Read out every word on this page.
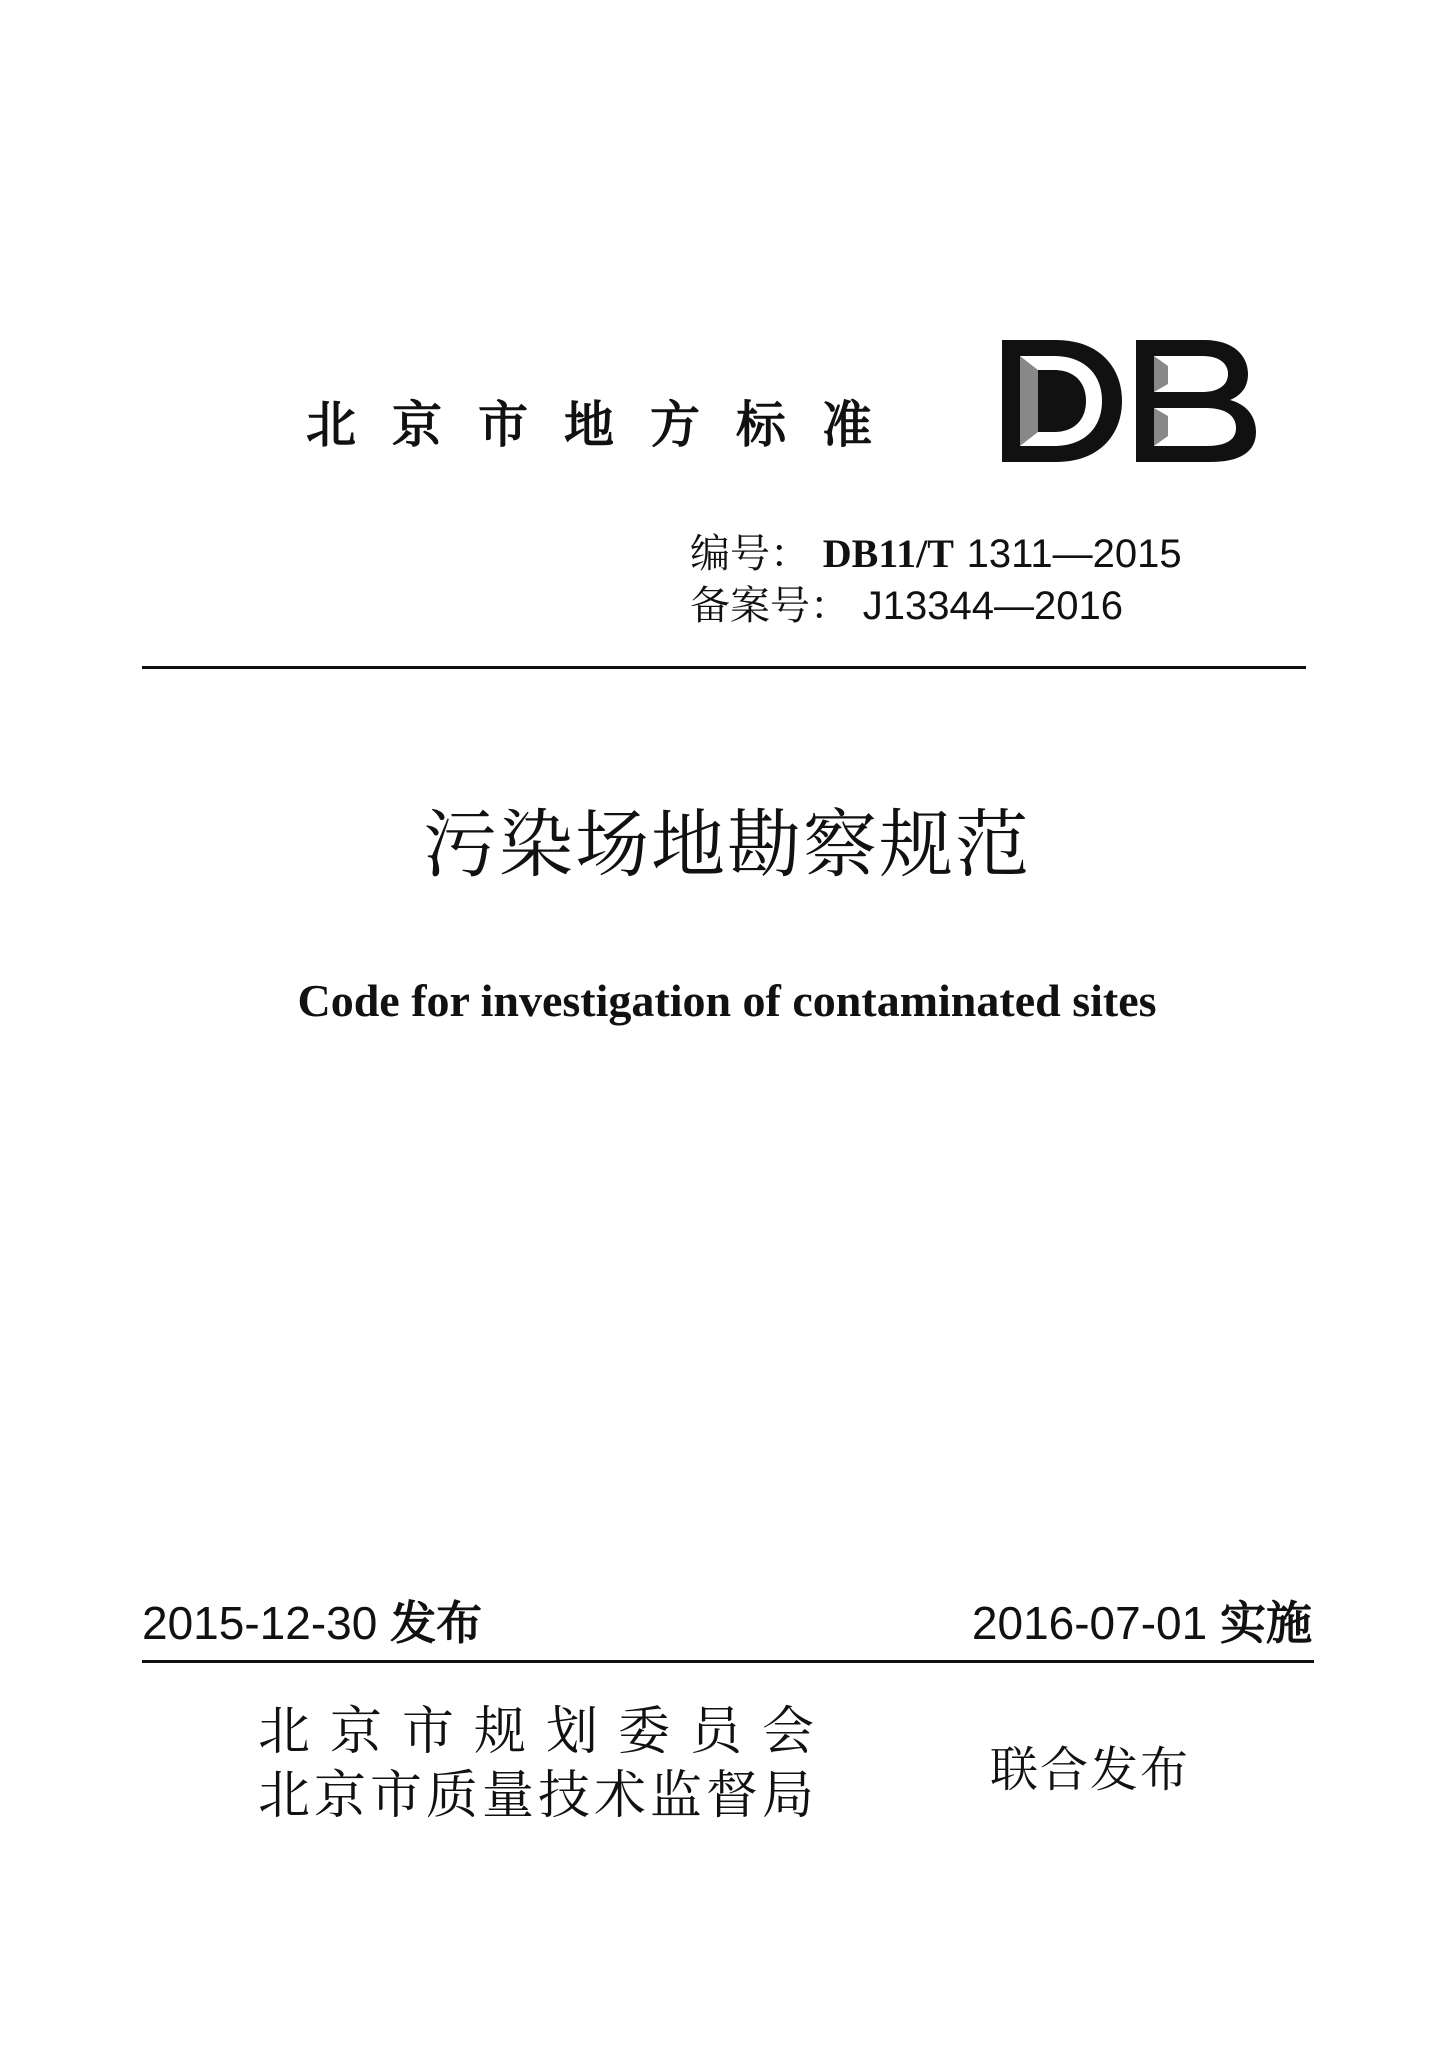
北京市地方标准
编号： DB11/T 1311—2015
备案号： J13344—2016
污染场地勘察规范
Code for investigation of contaminated sites
2015-12-30 发布	2016-07-01 实施
北京市规划委员会
北京市质量技术监督局	联合发布
